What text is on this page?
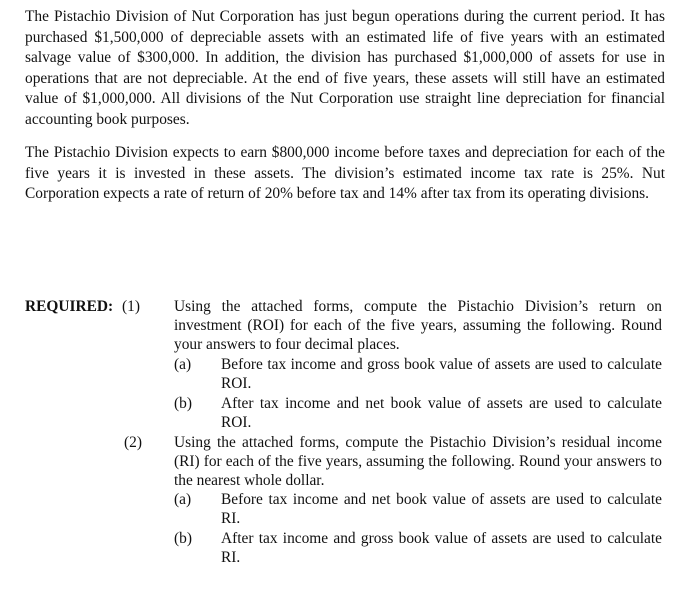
The Pistachio Division of Nut Corporation has just begun operations during the current period. It has purchased $1,500,000 of depreciable assets with an estimated life of five years with an estimated salvage value of $300,000. In addition, the division has purchased $1,000,000 of assets for use in operations that are not depreciable. At the end of five years, these assets will still have an estimated value of $1,000,000. All divisions of the Nut Corporation use straight line depreciation for financial accounting book purposes.

The Pistachio Division expects to earn $800,000 income before taxes and depreciation for each of the five years it is invested in these assets. The division’s estimated income tax rate is 25%. Nut Corporation expects a rate of return of 20% before tax and 14% after tax from its operating divisions.

REQUIRED: (1) Using the attached forms, compute the Pistachio Division’s return on investment (ROI) for each of the five years, assuming the following. Round your answers to four decimal places.
(a) Before tax income and gross book value of assets are used to calculate ROI.
(b) After tax income and net book value of assets are used to calculate ROI.
(2) Using the attached forms, compute the Pistachio Division’s residual income (RI) for each of the five years, assuming the following. Round your answers to the nearest whole dollar.
(a) Before tax income and net book value of assets are used to calculate RI.
(b) After tax income and gross book value of assets are used to calculate RI.
